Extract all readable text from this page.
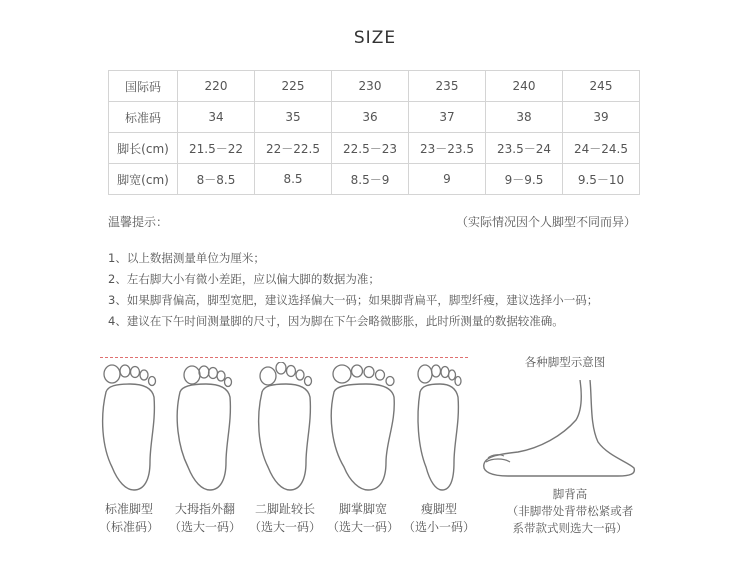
SIZE
国际码	220	225	230	235	240	245
标准码	34	35	36	37	38	39
脚长(cm)	21.5－22	22－22.5	22.5－23	23－23.5	23.5－24	24－24.5
脚宽(cm)	8－8.5	8.5	8.5－9	9	9－9.5	9.5－10
温馨提示：	（实际情况因个人脚型不同而异）
1、以上数据测量单位为厘米；
2、左右脚大小有微小差距，应以偏大脚的数据为准；
3、如果脚背偏高，脚型宽肥，建议选择偏大一码；如果脚背扁平，脚型纤瘦，建议选择小一码；
4、建议在下午时间测量脚的尺寸，因为脚在下午会略微膨胀，此时所测量的数据较准确。
标准脚型
（标准码）
大拇指外翻
（选大一码）
二脚趾较长
（选大一码）
脚掌脚宽
（选大一码）
瘦脚型
（选小一码）
各种脚型示意图
脚背高
（非脚带处背带松紧或者
系带款式则选大一码）
